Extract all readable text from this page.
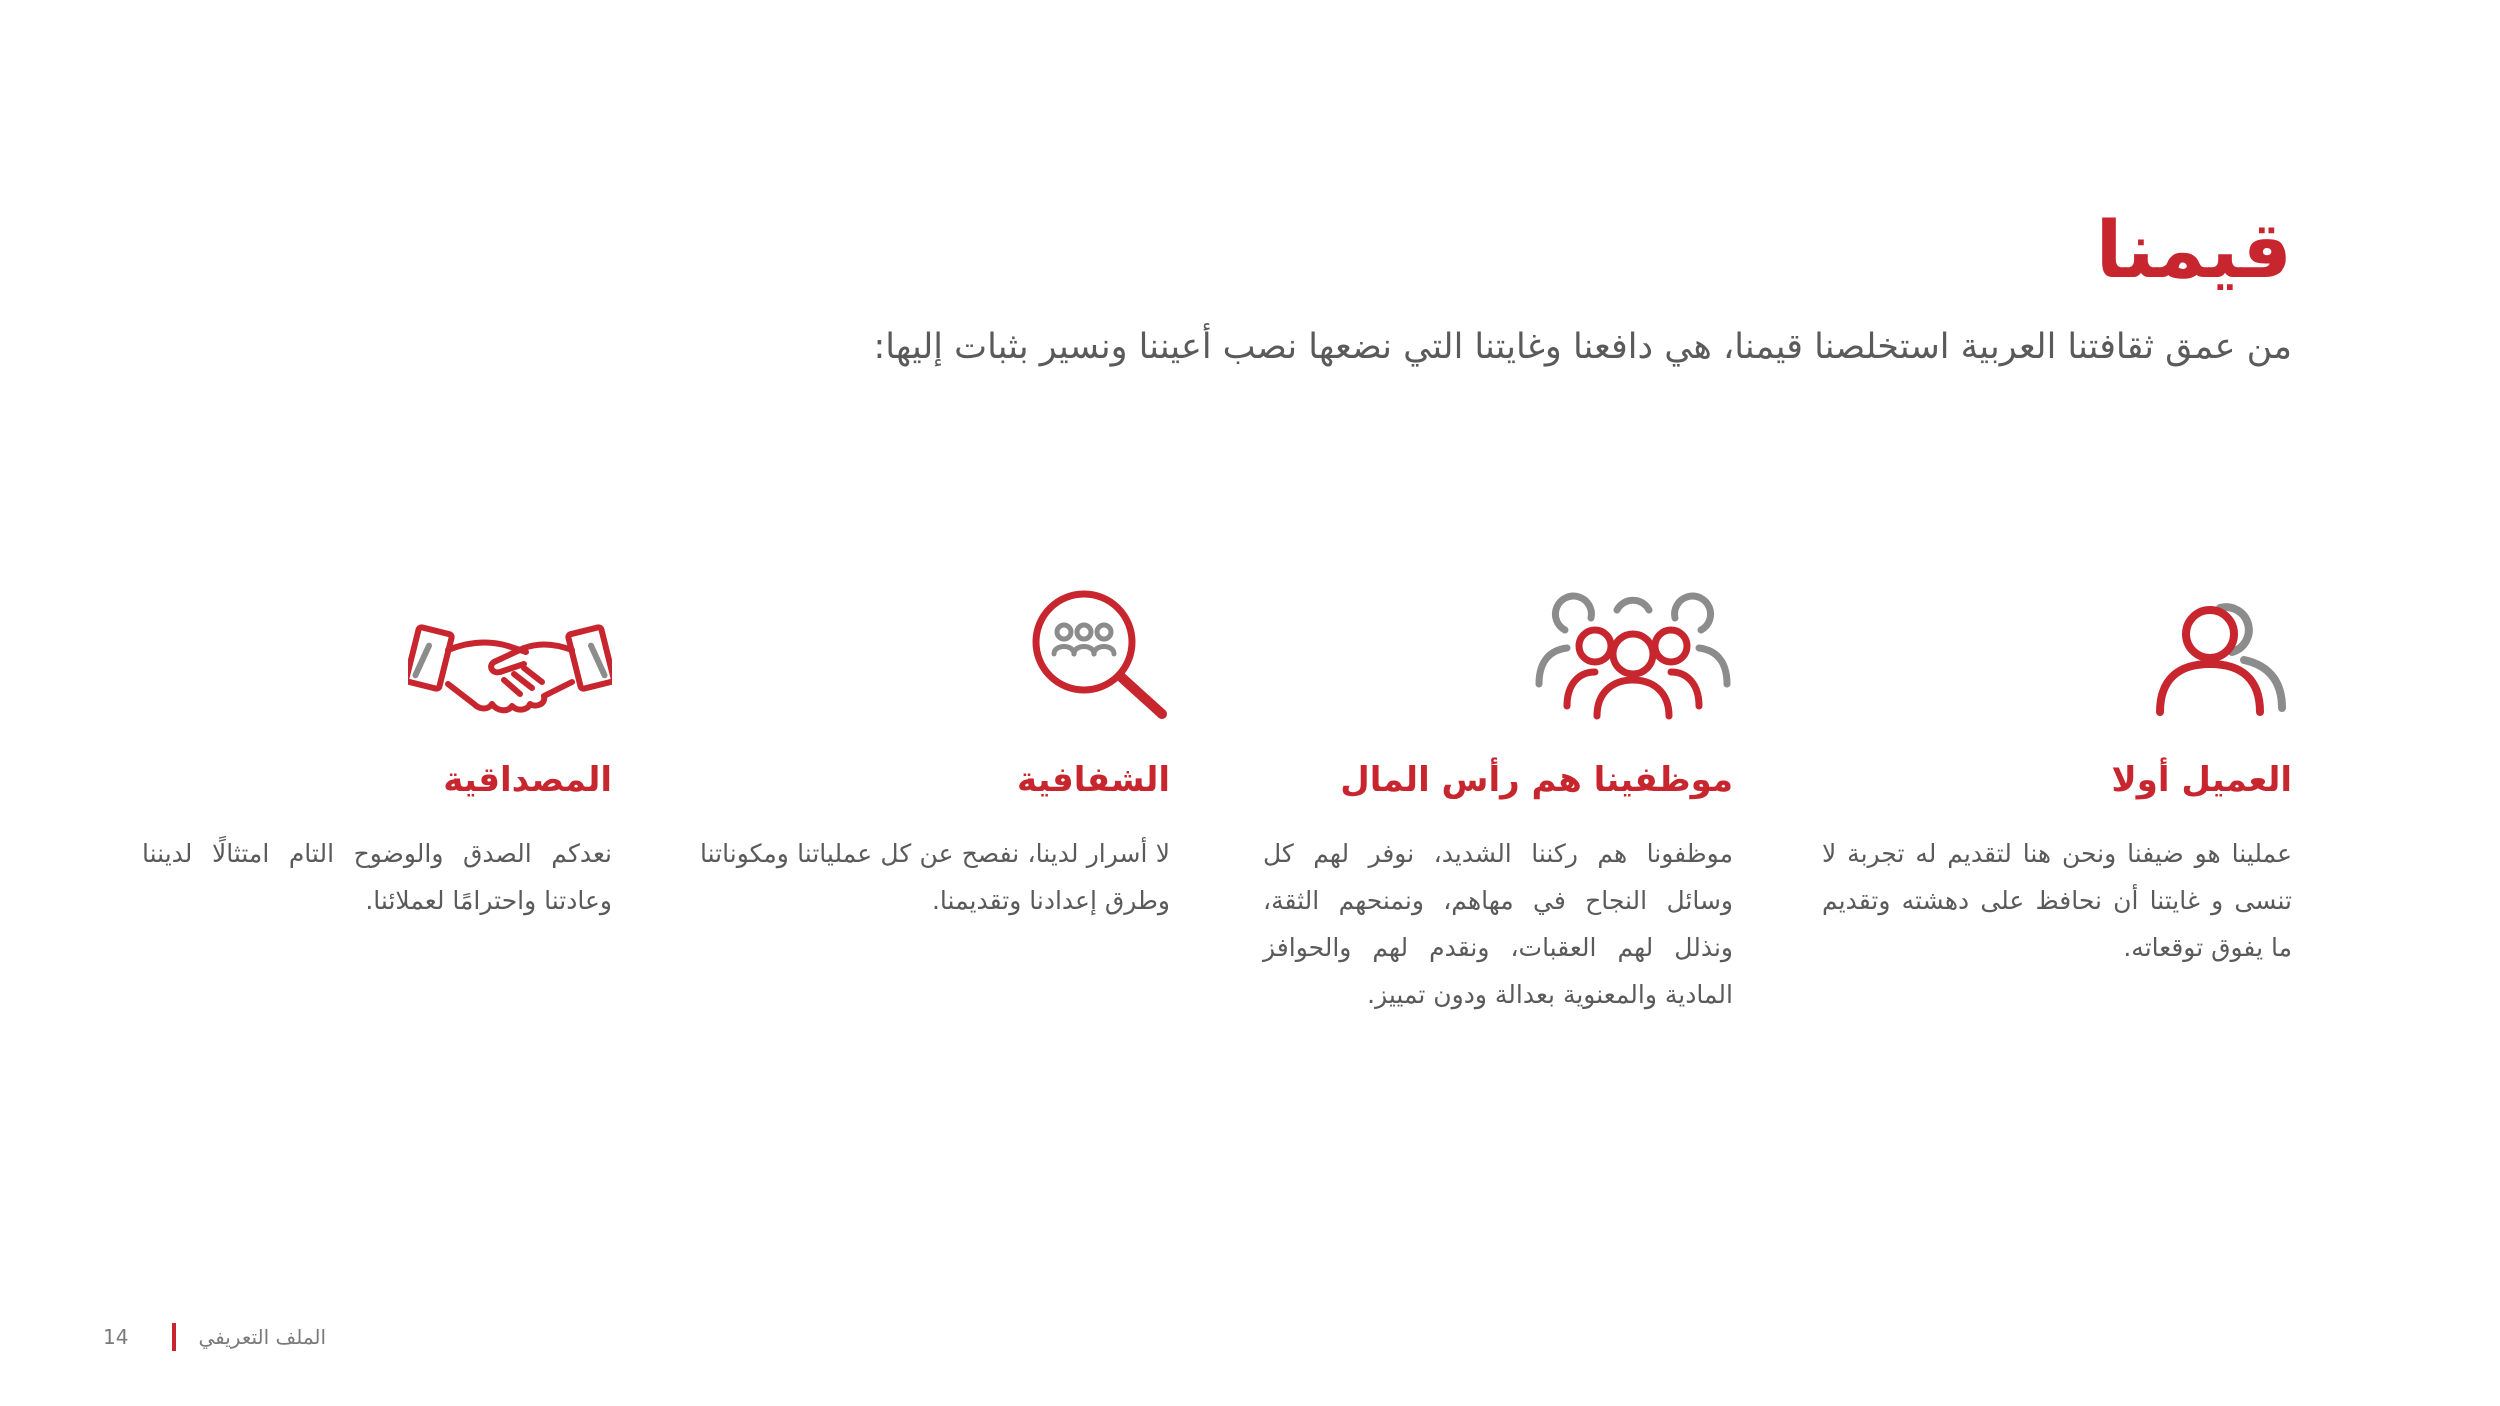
قيمنا

من عمق ثقافتنا العربية استخلصنا قيمنا، هي دافعنا وغايتنا التي نضعها نصب أعيننا ونسير بثبات إليها:

العميل أولا

عملينا هو ضيفنا ونحن هنا لتقديم له تجربة لا تنسى و غايتنا أن نحافظ على دهشته وتقديم ما يفوق توقعاته.

موظفينا هم رأس المال

موظفونا هم ركننا الشديد، نوفر لهم كل وسائل النجاح في مهاهم، ونمنحهم الثقة، ونذلل لهم العقبات، ونقدم لهم والحوافز المادية والمعنوية بعدالة ودون تمييز.

الشفافية

لا أسرار لدينا، نفصح عن كل عملياتنا ومكوناتنا وطرق إعدادنا وتقديمنا.

المصداقية

نعدكم الصدق والوضوح التام امتثالًا لديننا وعادتنا واحترامًا لعملائنا.

14	الملف التعريفي
